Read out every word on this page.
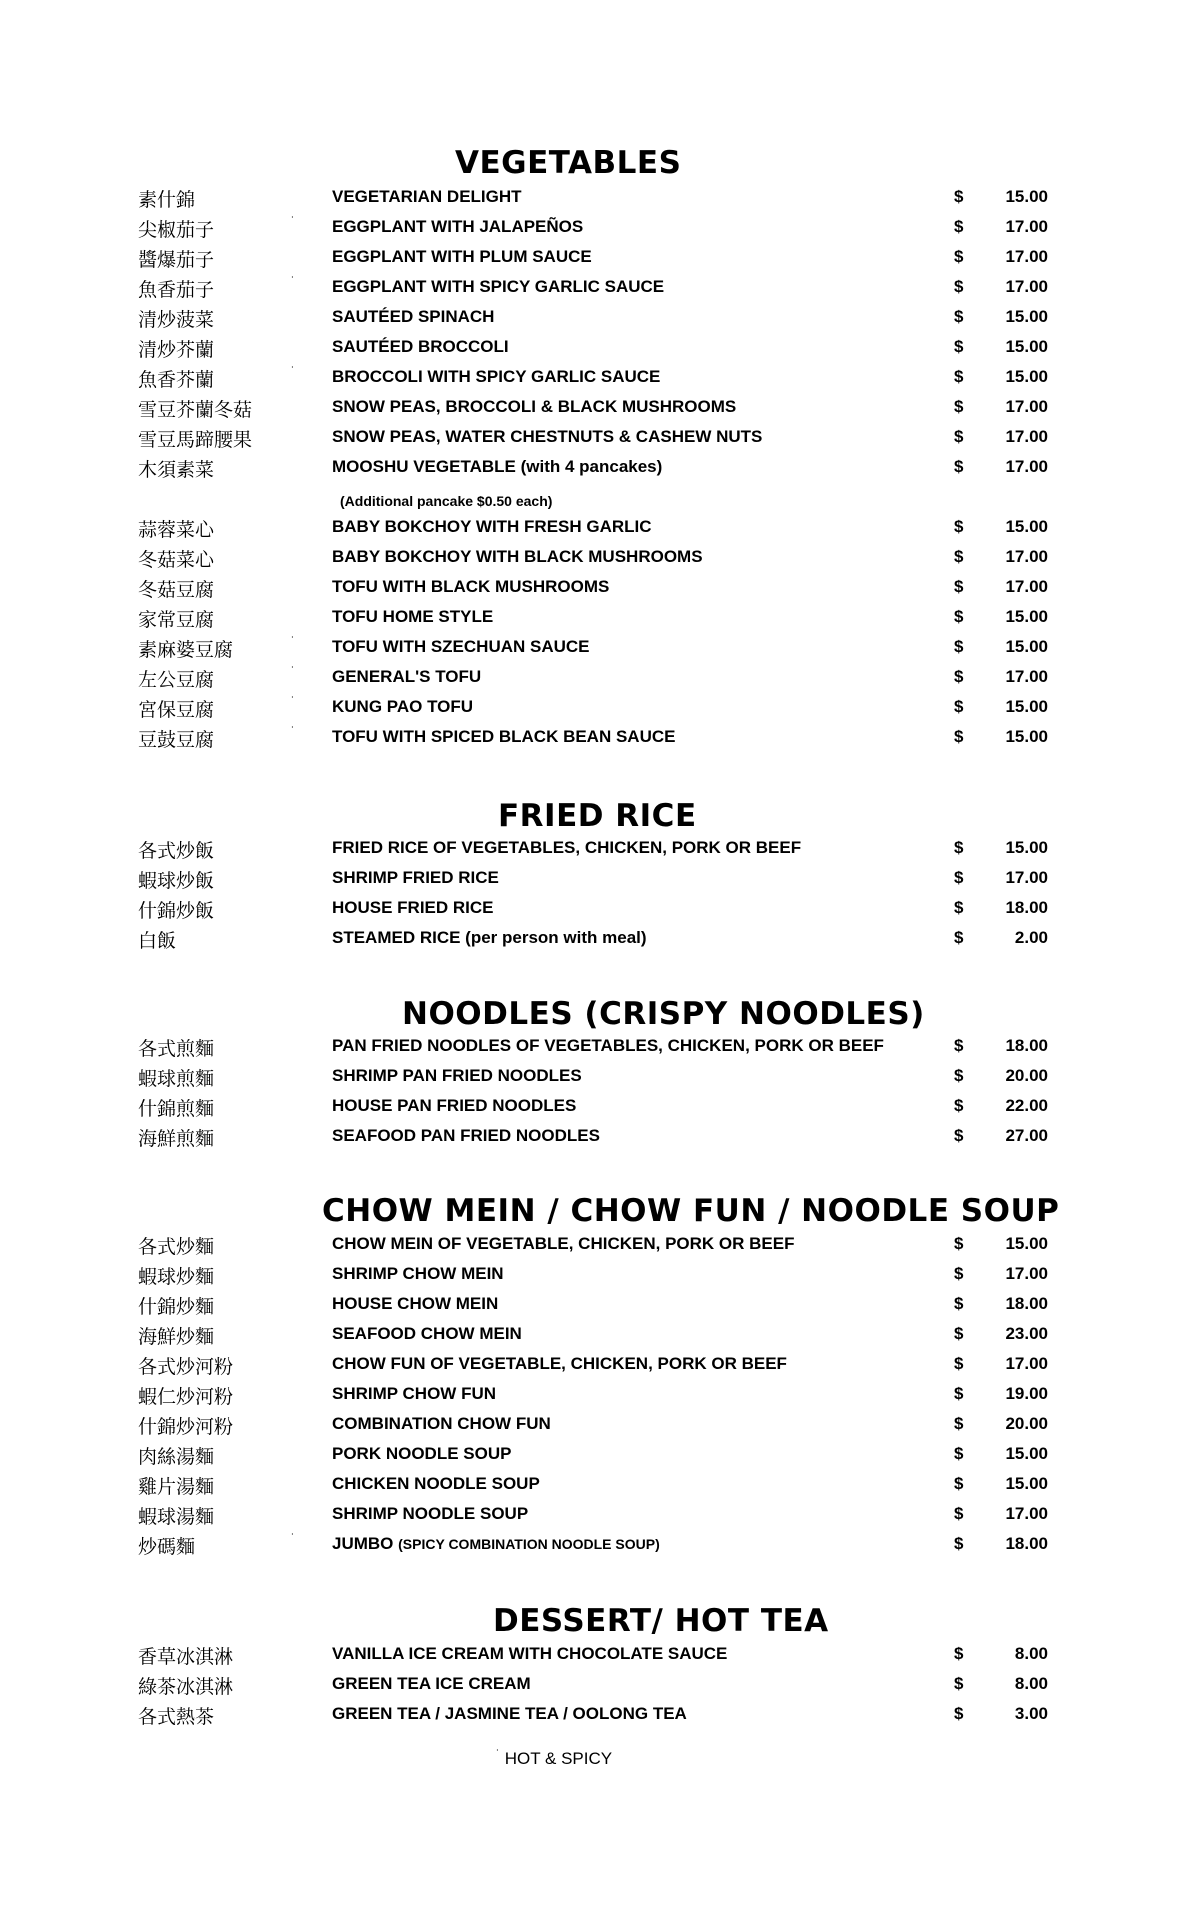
VEGETABLES
素什錦	VEGETARIAN DELIGHT	$	15.00
尖椒茄子	˙ EGGPLANT WITH JALAPEÑOS	$	17.00
醬爆茄子	EGGPLANT WITH PLUM SAUCE	$	17.00
魚香茄子	˙ EGGPLANT WITH SPICY GARLIC SAUCE	$	17.00
清炒菠菜	SAUTÉED SPINACH	$	15.00
清炒芥蘭	SAUTÉED BROCCOLI	$	15.00
魚香芥蘭	˙ BROCCOLI WITH SPICY GARLIC SAUCE	$	15.00
雪豆芥蘭冬菇	SNOW PEAS, BROCCOLI & BLACK MUSHROOMS	$	17.00
雪豆馬蹄腰果	SNOW PEAS, WATER CHESTNUTS & CASHEW NUTS	$	17.00
木須素菜	MOOSHU VEGETABLE (with 4 pancakes)	$	17.00
蒜蓉菜心	BABY BOKCHOY WITH FRESH GARLIC	$	15.00
冬菇菜心	BABY BOKCHOY WITH BLACK MUSHROOMS	$	17.00
冬菇豆腐	TOFU WITH BLACK MUSHROOMS	$	17.00
家常豆腐	TOFU HOME STYLE	$	15.00
素麻婆豆腐	˙ TOFU WITH SZECHUAN SAUCE	$	15.00
左公豆腐	˙ GENERAL'S TOFU	$	17.00
宮保豆腐	˙ KUNG PAO TOFU	$	15.00
豆鼓豆腐	˙ TOFU WITH SPICED BLACK BEAN SAUCE	$	15.00
(Additional pancake $0.50 each)
FRIED RICE
各式炒飯	FRIED RICE OF VEGETABLES, CHICKEN, PORK OR BEEF	$	15.00
蝦球炒飯	SHRIMP FRIED RICE	$	17.00
什錦炒飯	HOUSE FRIED RICE	$	18.00
白飯	STEAMED RICE (per person with meal)	$	2.00
NOODLES (CRISPY NOODLES)
各式煎麵	PAN FRIED NOODLES OF VEGETABLES, CHICKEN, PORK OR BEEF	$	18.00
蝦球煎麵	SHRIMP PAN FRIED NOODLES	$	20.00
什錦煎麵	HOUSE PAN FRIED NOODLES	$	22.00
海鮮煎麵	SEAFOOD PAN FRIED NOODLES	$	27.00
CHOW MEIN / CHOW FUN / NOODLE SOUP
各式炒麵	CHOW MEIN OF VEGETABLE, CHICKEN, PORK OR BEEF	$	15.00
蝦球炒麵	SHRIMP CHOW MEIN	$	17.00
什錦炒麵	HOUSE CHOW MEIN	$	18.00
海鮮炒麵	SEAFOOD CHOW MEIN	$	23.00
各式炒河粉	CHOW FUN OF VEGETABLE, CHICKEN, PORK OR BEEF	$	17.00
蝦仁炒河粉	SHRIMP CHOW FUN	$	19.00
什錦炒河粉	COMBINATION CHOW FUN	$	20.00
肉絲湯麵	PORK NOODLE SOUP	$	15.00
雞片湯麵	CHICKEN NOODLE SOUP	$	15.00
蝦球湯麵	SHRIMP NOODLE SOUP	$	17.00
炒碼麵	˙ JUMBO (SPICY COMBINATION NOODLE SOUP)	$	18.00
DESSERT/ HOT TEA
香草冰淇淋	VANILLA ICE CREAM WITH CHOCOLATE SAUCE	$	8.00
綠茶冰淇淋	GREEN TEA ICE CREAM	$	8.00
各式熱茶	GREEN TEA / JASMINE TEA / OOLONG TEA	$	3.00
˙ HOT & SPICY
